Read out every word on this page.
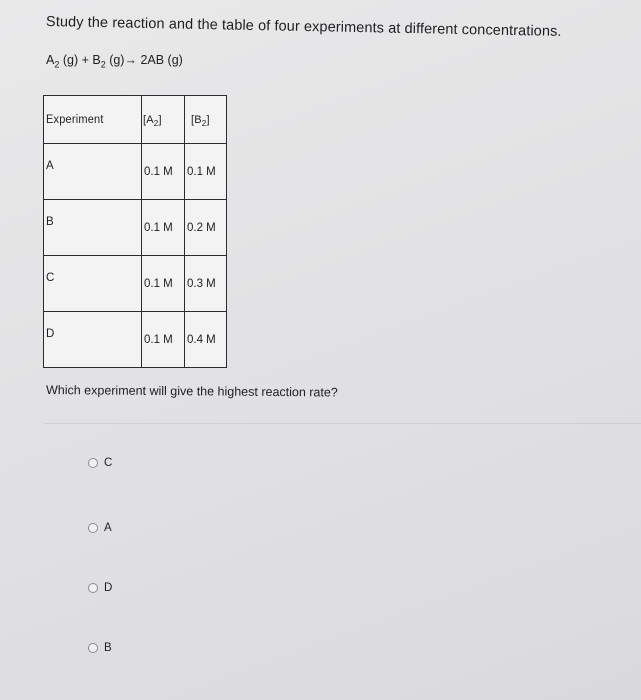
Study the reaction and the table of four experiments at different concentrations.
$A_2$ $(g) + B_2$ (g)→ 2AB (g)
Experiment	$[A_2]$	$[B_2]$
A	0.1 M	0.1 M
B	0.1 M	0.2 M
C	0.1 M	0.3 M
D	0.1 M	0.4 M
Which experiment will give the highest reaction rate?
C
A
D
B
